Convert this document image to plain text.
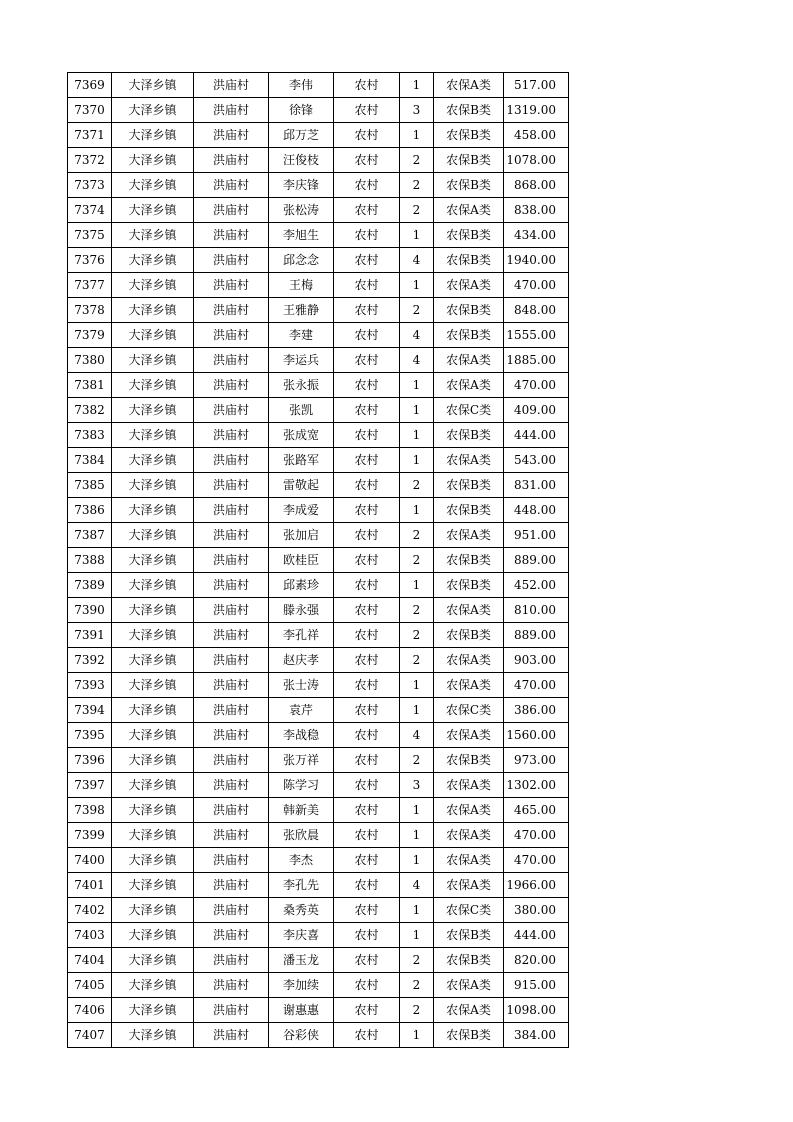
7369	大泽乡镇	洪庙村	李伟	农村	1	农保A类	517.00
7370	大泽乡镇	洪庙村	徐锋	农村	3	农保B类	1319.00
7371	大泽乡镇	洪庙村	邱万芝	农村	1	农保B类	458.00
7372	大泽乡镇	洪庙村	汪俊枝	农村	2	农保B类	1078.00
7373	大泽乡镇	洪庙村	李庆锋	农村	2	农保B类	868.00
7374	大泽乡镇	洪庙村	张松涛	农村	2	农保A类	838.00
7375	大泽乡镇	洪庙村	李旭生	农村	1	农保B类	434.00
7376	大泽乡镇	洪庙村	邱念念	农村	4	农保B类	1940.00
7377	大泽乡镇	洪庙村	王梅	农村	1	农保A类	470.00
7378	大泽乡镇	洪庙村	王雅静	农村	2	农保B类	848.00
7379	大泽乡镇	洪庙村	李建	农村	4	农保B类	1555.00
7380	大泽乡镇	洪庙村	李运兵	农村	4	农保A类	1885.00
7381	大泽乡镇	洪庙村	张永振	农村	1	农保A类	470.00
7382	大泽乡镇	洪庙村	张凯	农村	1	农保C类	409.00
7383	大泽乡镇	洪庙村	张成宽	农村	1	农保B类	444.00
7384	大泽乡镇	洪庙村	张路军	农村	1	农保A类	543.00
7385	大泽乡镇	洪庙村	雷敬起	农村	2	农保B类	831.00
7386	大泽乡镇	洪庙村	李成爱	农村	1	农保B类	448.00
7387	大泽乡镇	洪庙村	张加启	农村	2	农保A类	951.00
7388	大泽乡镇	洪庙村	欧桂臣	农村	2	农保B类	889.00
7389	大泽乡镇	洪庙村	邱素珍	农村	1	农保B类	452.00
7390	大泽乡镇	洪庙村	滕永强	农村	2	农保A类	810.00
7391	大泽乡镇	洪庙村	李孔祥	农村	2	农保B类	889.00
7392	大泽乡镇	洪庙村	赵庆孝	农村	2	农保A类	903.00
7393	大泽乡镇	洪庙村	张士涛	农村	1	农保A类	470.00
7394	大泽乡镇	洪庙村	袁芹	农村	1	农保C类	386.00
7395	大泽乡镇	洪庙村	李战稳	农村	4	农保A类	1560.00
7396	大泽乡镇	洪庙村	张万祥	农村	2	农保B类	973.00
7397	大泽乡镇	洪庙村	陈学习	农村	3	农保A类	1302.00
7398	大泽乡镇	洪庙村	韩新美	农村	1	农保A类	465.00
7399	大泽乡镇	洪庙村	张欣晨	农村	1	农保A类	470.00
7400	大泽乡镇	洪庙村	李杰	农村	1	农保A类	470.00
7401	大泽乡镇	洪庙村	李孔先	农村	4	农保A类	1966.00
7402	大泽乡镇	洪庙村	桑秀英	农村	1	农保C类	380.00
7403	大泽乡镇	洪庙村	李庆喜	农村	1	农保B类	444.00
7404	大泽乡镇	洪庙村	潘玉龙	农村	2	农保B类	820.00
7405	大泽乡镇	洪庙村	李加续	农村	2	农保A类	915.00
7406	大泽乡镇	洪庙村	谢惠惠	农村	2	农保A类	1098.00
7407	大泽乡镇	洪庙村	谷彩侠	农村	1	农保B类	384.00
